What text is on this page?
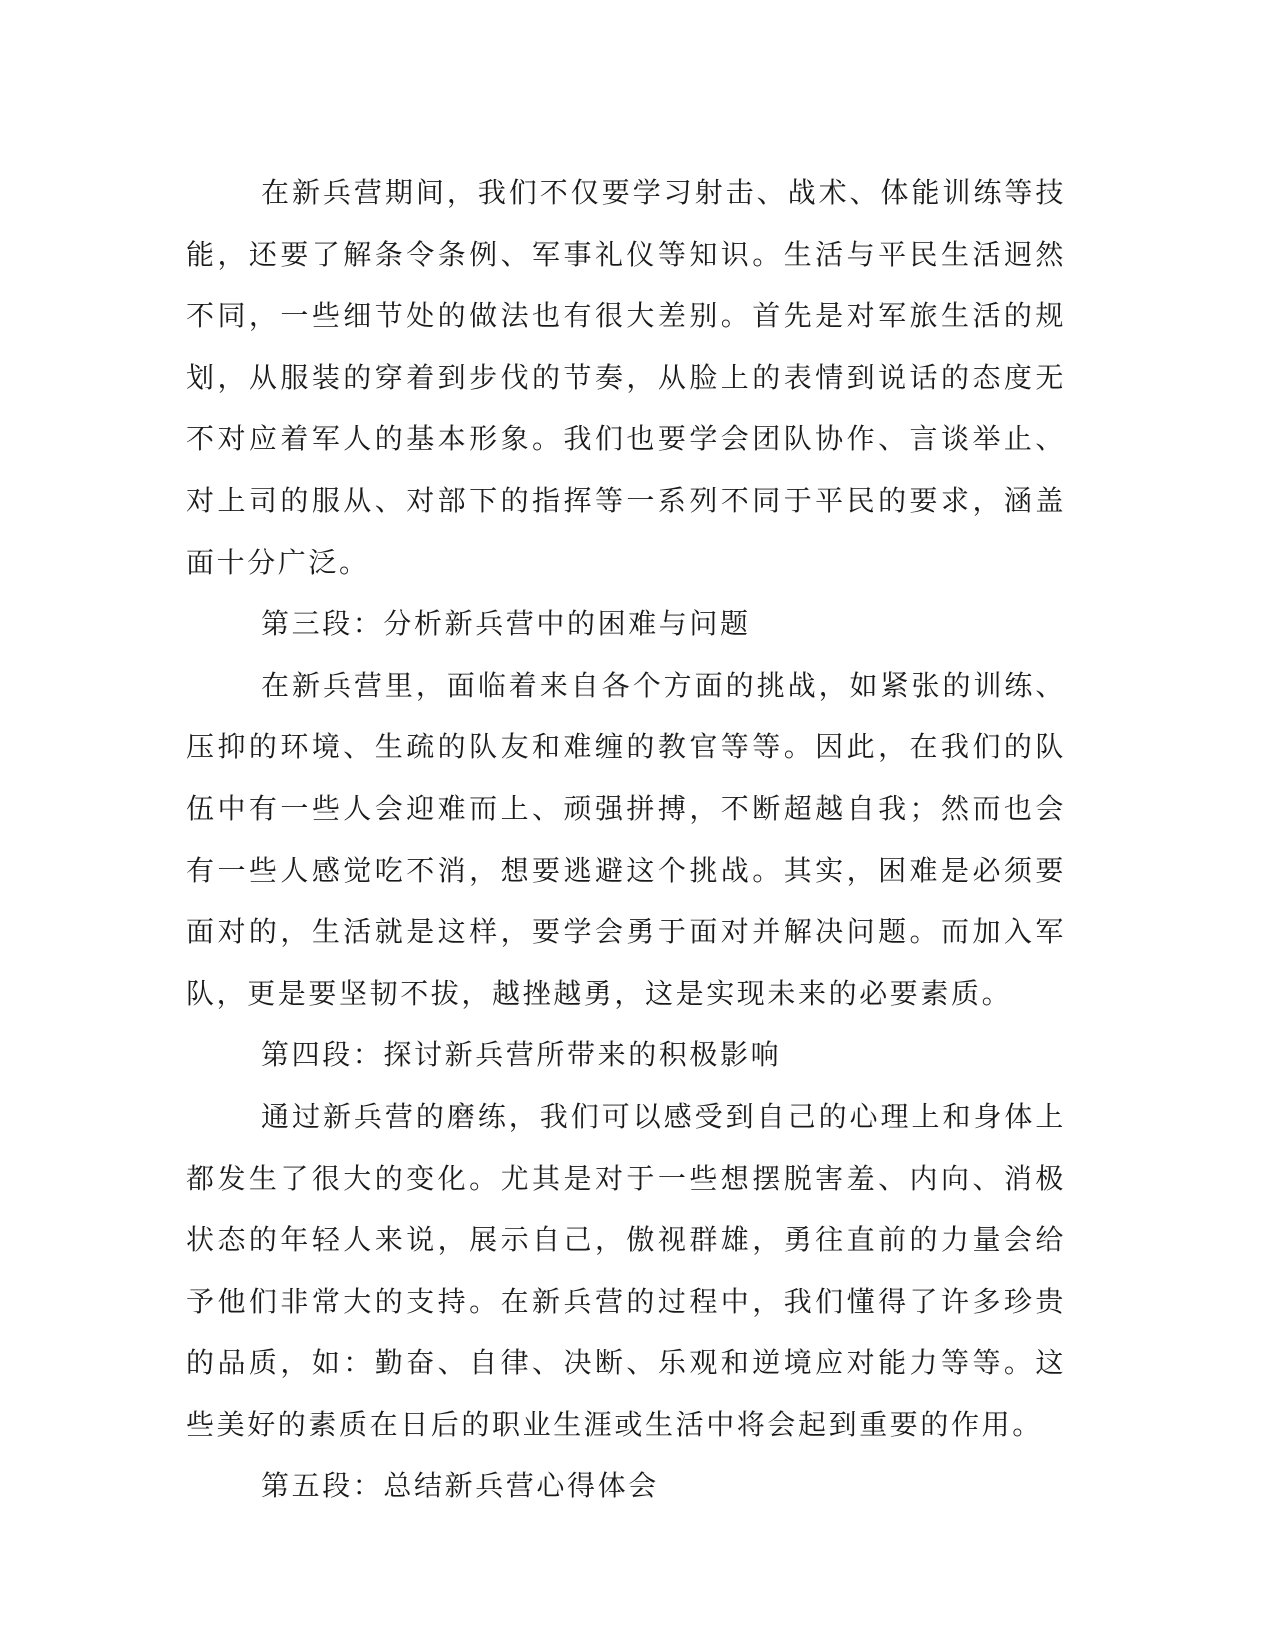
在新兵营期间，我们不仅要学习射击、战术、体能训练等技能，还要了解条令条例、军事礼仪等知识。生活与平民生活迥然不同，一些细节处的做法也有很大差别。首先是对军旅生活的规划，从服装的穿着到步伐的节奏，从脸上的表情到说话的态度无不对应着军人的基本形象。我们也要学会团队协作、言谈举止、对上司的服从、对部下的指挥等一系列不同于平民的要求，涵盖面十分广泛。

第三段：分析新兵营中的困难与问题

在新兵营里，面临着来自各个方面的挑战，如紧张的训练、压抑的环境、生疏的队友和难缠的教官等等。因此，在我们的队伍中有一些人会迎难而上、顽强拼搏，不断超越自我；然而也会有一些人感觉吃不消，想要逃避这个挑战。其实，困难是必须要面对的，生活就是这样，要学会勇于面对并解决问题。而加入军队，更是要坚韧不拔，越挫越勇，这是实现未来的必要素质。

第四段：探讨新兵营所带来的积极影响

通过新兵营的磨练，我们可以感受到自己的心理上和身体上都发生了很大的变化。尤其是对于一些想摆脱害羞、内向、消极状态的年轻人来说，展示自己，傲视群雄，勇往直前的力量会给予他们非常大的支持。在新兵营的过程中，我们懂得了许多珍贵的品质，如：勤奋、自律、决断、乐观和逆境应对能力等等。这些美好的素质在日后的职业生涯或生活中将会起到重要的作用。

第五段：总结新兵营心得体会
